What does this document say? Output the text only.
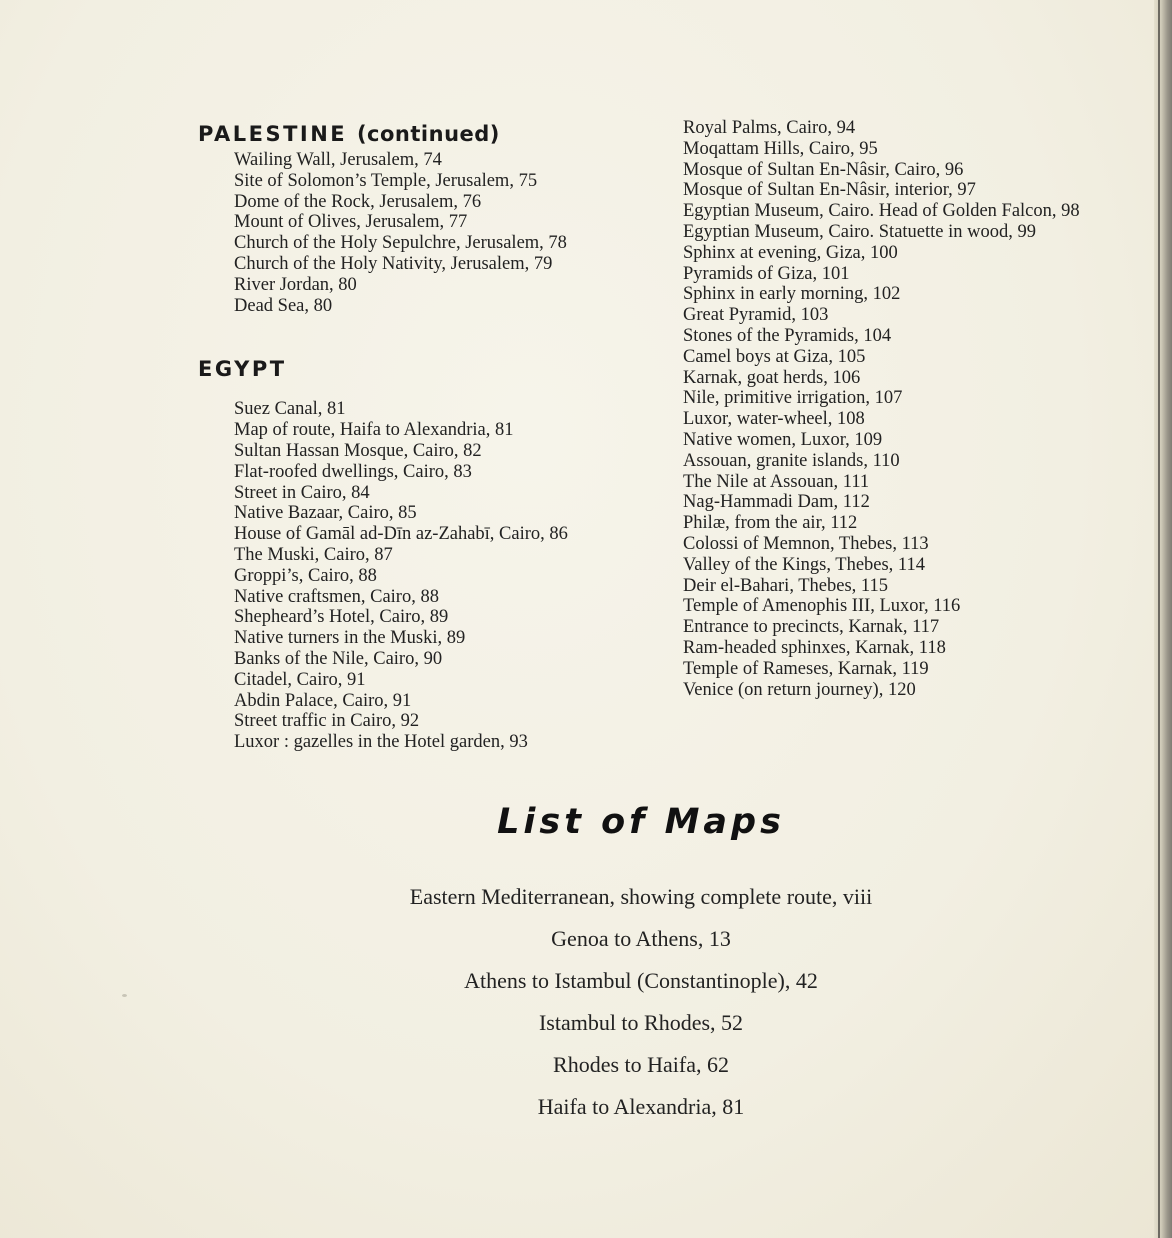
PALESTINE (continued)
Wailing Wall, Jerusalem, 74
Site of Solomon’s Temple, Jerusalem, 75
Dome of the Rock, Jerusalem, 76
Mount of Olives, Jerusalem, 77
Church of the Holy Sepulchre, Jerusalem, 78
Church of the Holy Nativity, Jerusalem, 79
River Jordan, 80
Dead Sea, 80
EGYPT
Suez Canal, 81
Map of route, Haifa to Alexandria, 81
Sultan Hassan Mosque, Cairo, 82
Flat-roofed dwellings, Cairo, 83
Street in Cairo, 84
Native Bazaar, Cairo, 85
House of Gamāl ad-Dīn az-Zahabī, Cairo, 86
The Muski, Cairo, 87
Groppi’s, Cairo, 88
Native craftsmen, Cairo, 88
Shepheard’s Hotel, Cairo, 89
Native turners in the Muski, 89
Banks of the Nile, Cairo, 90
Citadel, Cairo, 91
Abdin Palace, Cairo, 91
Street traffic in Cairo, 92
Luxor : gazelles in the Hotel garden, 93
Royal Palms, Cairo, 94
Moqattam Hills, Cairo, 95
Mosque of Sultan En-Nâsir, Cairo, 96
Mosque of Sultan En-Nâsir, interior, 97
Egyptian Museum, Cairo. Head of Golden Falcon, 98
Egyptian Museum, Cairo. Statuette in wood, 99
Sphinx at evening, Giza, 100
Pyramids of Giza, 101
Sphinx in early morning, 102
Great Pyramid, 103
Stones of the Pyramids, 104
Camel boys at Giza, 105
Karnak, goat herds, 106
Nile, primitive irrigation, 107
Luxor, water-wheel, 108
Native women, Luxor, 109
Assouan, granite islands, 110
The Nile at Assouan, 111
Nag-Hammadi Dam, 112
Philæ, from the air, 112
Colossi of Memnon, Thebes, 113
Valley of the Kings, Thebes, 114
Deir el-Bahari, Thebes, 115
Temple of Amenophis III, Luxor, 116
Entrance to precincts, Karnak, 117
Ram-headed sphinxes, Karnak, 118
Temple of Rameses, Karnak, 119
Venice (on return journey), 120
List of Maps
Eastern Mediterranean, showing complete route, viii
Genoa to Athens, 13
Athens to Istambul (Constantinople), 42
Istambul to Rhodes, 52
Rhodes to Haifa, 62
Haifa to Alexandria, 81
